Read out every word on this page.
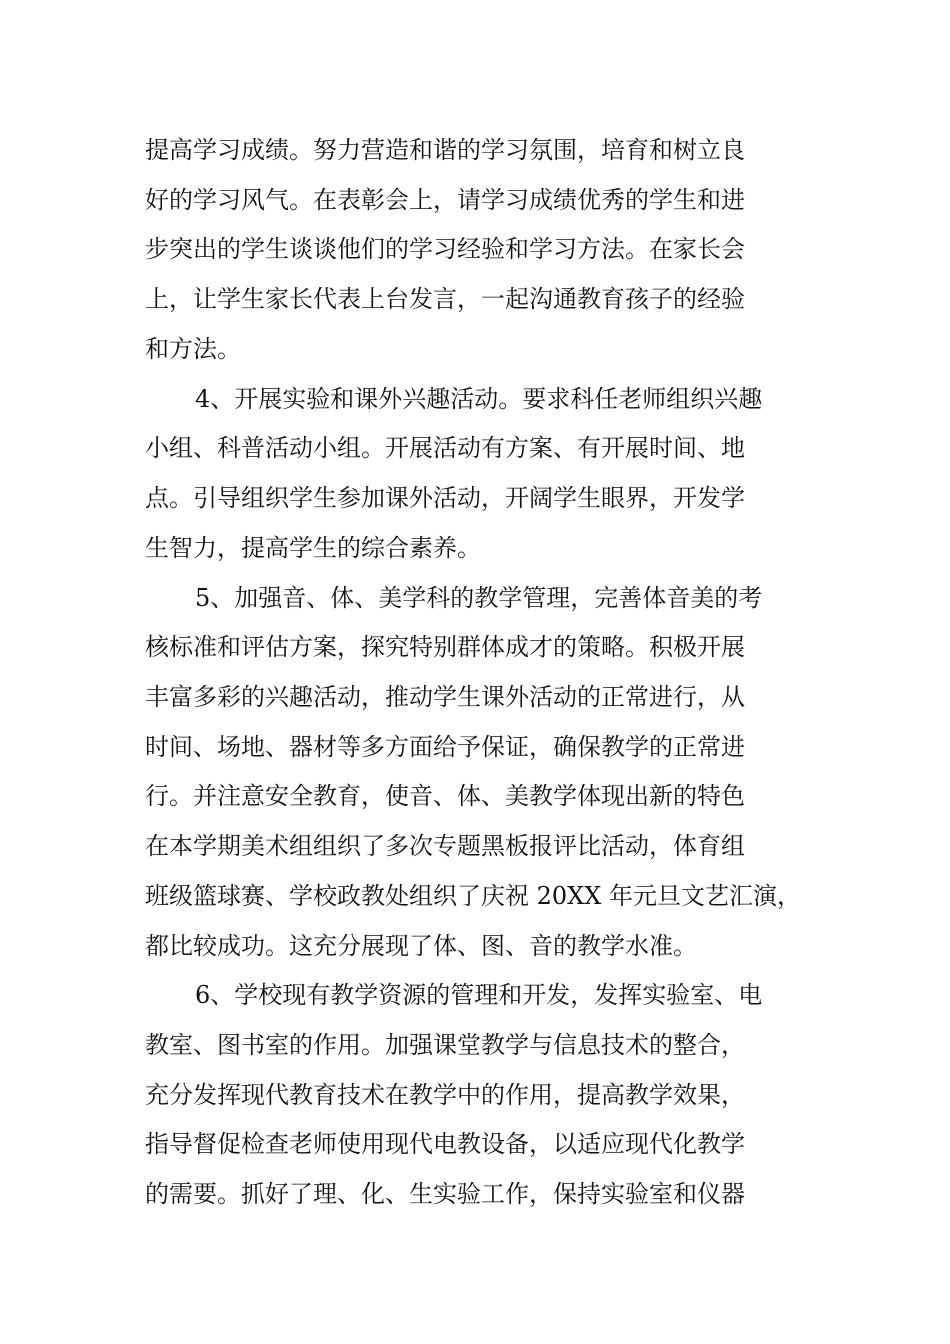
提高学习成绩。努力营造和谐的学习氛围，培育和树立良
好的学习风气。在表彰会上，请学习成绩优秀的学生和进
步突出的学生谈谈他们的学习经验和学习方法。在家长会
上，让学生家长代表上台发言，一起沟通教育孩子的经验
和方法。
4、开展实验和课外兴趣活动。要求科任老师组织兴趣
小组、科普活动小组。开展活动有方案、有开展时间、地
点。引导组织学生参加课外活动，开阔学生眼界，开发学
生智力，提高学生的综合素养。
5、加强音、体、美学科的教学管理，完善体音美的考
核标准和评估方案，探究特别群体成才的策略。积极开展
丰富多彩的兴趣活动，推动学生课外活动的正常进行，从
时间、场地、器材等多方面给予保证，确保教学的正常进
行。并注意安全教育，使音、体、美教学体现出新的特色
在本学期美术组组织了多次专题黑板报评比活动，体育组
班级篮球赛、学校政教处组织了庆祝 20XX 年元旦文艺汇演，
都比较成功。这充分展现了体、图、音的教学水准。
6、学校现有教学资源的管理和开发，发挥实验室、电
教室、图书室的作用。加强课堂教学与信息技术的整合，
充分发挥现代教育技术在教学中的作用，提高教学效果，
指导督促检查老师使用现代电教设备，以适应现代化教学
的需要。抓好了理、化、生实验工作，保持实验室和仪器
